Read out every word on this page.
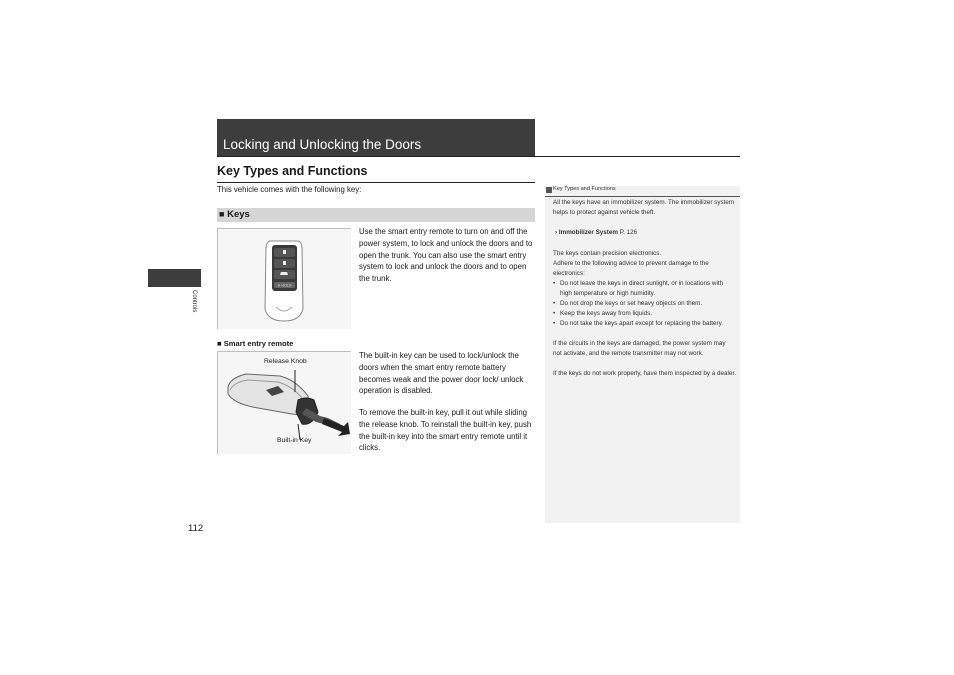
Locking and Unlocking the Doors
Key Types and Functions
This vehicle comes with the following key:
■ Keys
⊘ HOLD
Use the smart entry remote to turn on and off the power system, to lock and unlock the doors and to open the trunk. You can also use the smart entry system to lock and unlock the doors and to open the trunk.
■ Smart entry remote
Release Knob
Built-in Key
The built-in key can be used to lock/unlock the doors when the smart entry remote battery becomes weak and the power door lock/ unlock operation is disabled.
To remove the built-in key, pull it out while sliding the release knob. To reinstall the built-in key, push the built-in key into the smart entry remote until it clicks.
Controls
112
Key Types and Functions
All the keys have an immobilizer system. The immobilizer system helps to protect against vehicle theft.
› Immobilizer System P. 126
The keys contain precision electronics.
Adhere to the following advice to prevent damage to the electronics:
• Do not leave the keys in direct sunlight, or in locations with high temperature or high humidity.
• Do not drop the keys or set heavy objects on them.
• Keep the keys away from liquids.
• Do not take the keys apart except for replacing the battery.
If the circuits in the keys are damaged, the power system may not activate, and the remote transmitter may not work.
If the keys do not work properly, have them inspected by a dealer.
